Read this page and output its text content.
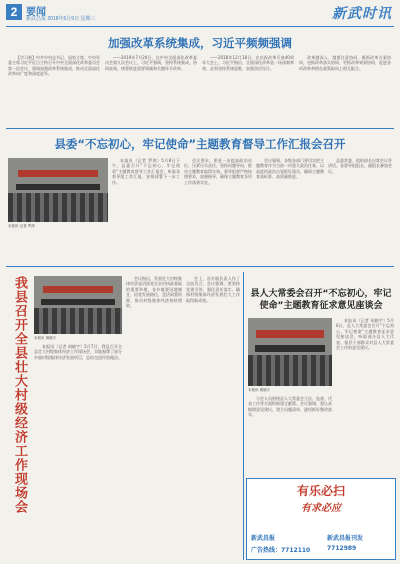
2 要闻
新武昌报 2018年5月9日 星期三	新武时讯
加强改革系统集成，习近平频频强调

【学习观】中共中央总书记、国家主席、中央军委主席习近平近日主持召开中央全面深化改革委员会第一次会议，强调加强改革系统集成，推动全面深化改革向广度和深度进军。

——2019年7月24日，在中央全面深化改革委员会第九次会议上，习近平强调，坚持系统集成、协同高效，统筹推进重要领域和关键环节改革。

——2018年12月18日，在庆祝改革开放40周年大会上，习近平指出，全面深化改革是一场深刻革命，必须坚持系统思维，加强顶层设计。

改革越深入，越要注意协同，既抓改革方案协同，也抓改革落实协同，更抓改革效果协同，促进各项改革举措在政策取向上相互配合。

县委“不忘初心，牢记使命”主题教育督导工作汇报会召开
本报讯 记者 罗鸿

本报讯（记者 罗鸿）5月8日下午，县委召开“不忘初心、牢记使命”主题教育督导工作汇报会，听取各督导组工作汇报，安排部署下一步工作。

会议要求，要进一步提高政治站位，压紧压实责任，坚持问题导向，推动主题教育取得实效。督导组要严格按照要求，加强指导，确保主题教育各项工作落到实处。

会议强调，各级各部门要切实把主题教育作为当前一项重大政治任务，以高度的政治自觉抓好落实，确保主题教育高标准、高质量推进。

县委常委、组织部长出席会议并讲话。各督导组组长、副组长参加会议。

我县召开全县壮大村级经济工作现场会	本报讯 胡晓宇

本报讯（记者 胡晓宇）5月7日，我县召开全县壮大村级集体经济工作现场会，实地观摩了部分乡镇村级集体经济发展项目，总结交流经验做法。

会议指出，发展壮大村级集体经济是巩固党在农村执政基础的重要举措。各乡镇要因地制宜，拓宽发展路径，盘活闲置资源，推动村级集体经济持续增收。

会上，各乡镇负责人作了交流发言。会议强调，要坚持党建引领，强化责任落实，确保村级集体经济发展壮大工作取得新成效。

县人大常委会召开“不忘初心，牢记使命”主题教育征求意见座谈会
本报讯 胡晓宇

本报讯（记者 胡晓宇）5月6日，县人大常委会召开“不忘初心、牢记使命”主题教育征求意见座谈会，听取部分县人大代表、基层干部群众对县人大常委会工作的意见建议。

与会人员围绕县人大常委会立法、监督、代表工作等方面积极建言献策。会议强调，要认真梳理意见建议，建立问题清单，逐项抓好整改落实。

有乐必扫
有求必应
新武昌报
广告热线：7712110
新武昌报刊发
7712989
